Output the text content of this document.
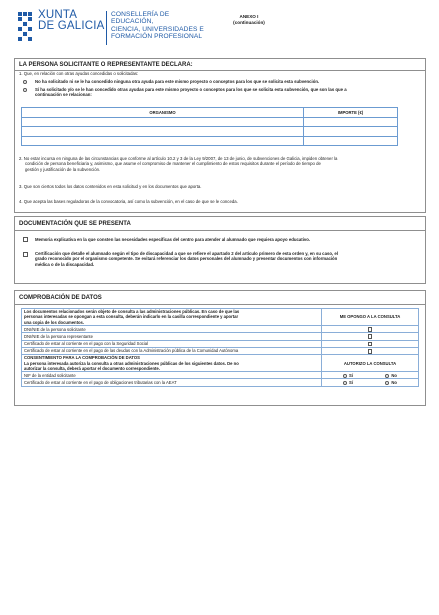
XUNTA
DE GALICIA
CONSELLERÍA DE EDUCACIÓN,
CIENCIA, UNIVERSIDADES E
FORMACIÓN PROFESIONAL
ANEXO I
(continuación)
LA PERSONA SOLICITANTE O REPRESENTANTE DECLARA:
1. Que, en relación con otras ayudas concedidas o solicitadas:
No ha solicitado ni se le ha concedido ninguna otra ayuda para este mismo proyecto o conceptos para los que se solicita esta subvención.
Sí ha solicitado y/o se le han concedido otras ayudas para este mismo proyecto o conceptos para los que se solicita esta subvención, que son las que a
continuación se relacionan:
ORGANISMO	IMPORTE (€)

2. No estar incursa en ninguna de las circunstancias que conforme al artículo 10.2 y 3 de la Ley 9/2007, de 13 de junio, de subvenciones de Galicia, impiden obtener la
condición de persona beneficiaria y, asimismo, que asume el compromiso de mantener el cumplimiento de estos requisitos durante el período de tiempo de
gestión y justificación de la subvención.
3. Que son ciertos todos los datos contenidos en esta solicitud y en los documentos que aporta.
4. Que acepta las bases reguladoras de la convocatoria, así como la subvención, en el caso de que se le conceda.
DOCUMENTACIÓN QUE SE PRESENTA
Memoria explicativa en la que consten las necesidades específicas del centro para atender al alumnado que requiera apoyo educativo.
Certificación que detalle el alumnado según el tipo de discapacidad a que se refiere el apartado 2 del artículo primero de esta orden y, en su caso, el
grado reconocido por el organismo competente. Se evitará referenciar los datos personales del alumnado y presentar documentos con información
médica o de la discapacidad.
COMPROBACIÓN DE DATOS
Los documentos relacionados serán objeto de consulta a las administraciones públicas. En caso de que las
personas interesadas se opongan a esta consulta, deberán indicarlo en la casilla correspondiente y aportar
una copia de los documentos.	ME OPONGO A LA CONSULTA
DNI/NIE de la persona solicitante	
DNI/NIE de la persona representante	
Certificado de estar al corriente en el pago con la Seguridad Social	
Certificado de estar al corriente en el pago de las deudas con la Administración pública de la Comunidad Autónoma	

CONSENTIMIENTO PARA LA COMPROBACIÓN DE DATOS
La persona interesada autoriza la consulta a otras administraciones públicas de los siguientes datos. De no
autorizar la consulta, deberá aportar el documento correspondiente.	AUTORIZO LA CONSULTA
NIF de la entidad solicitante	Sí No
Certificado de estar al corriente en el pago de obligaciones tributarias con la AEAT	Sí No
